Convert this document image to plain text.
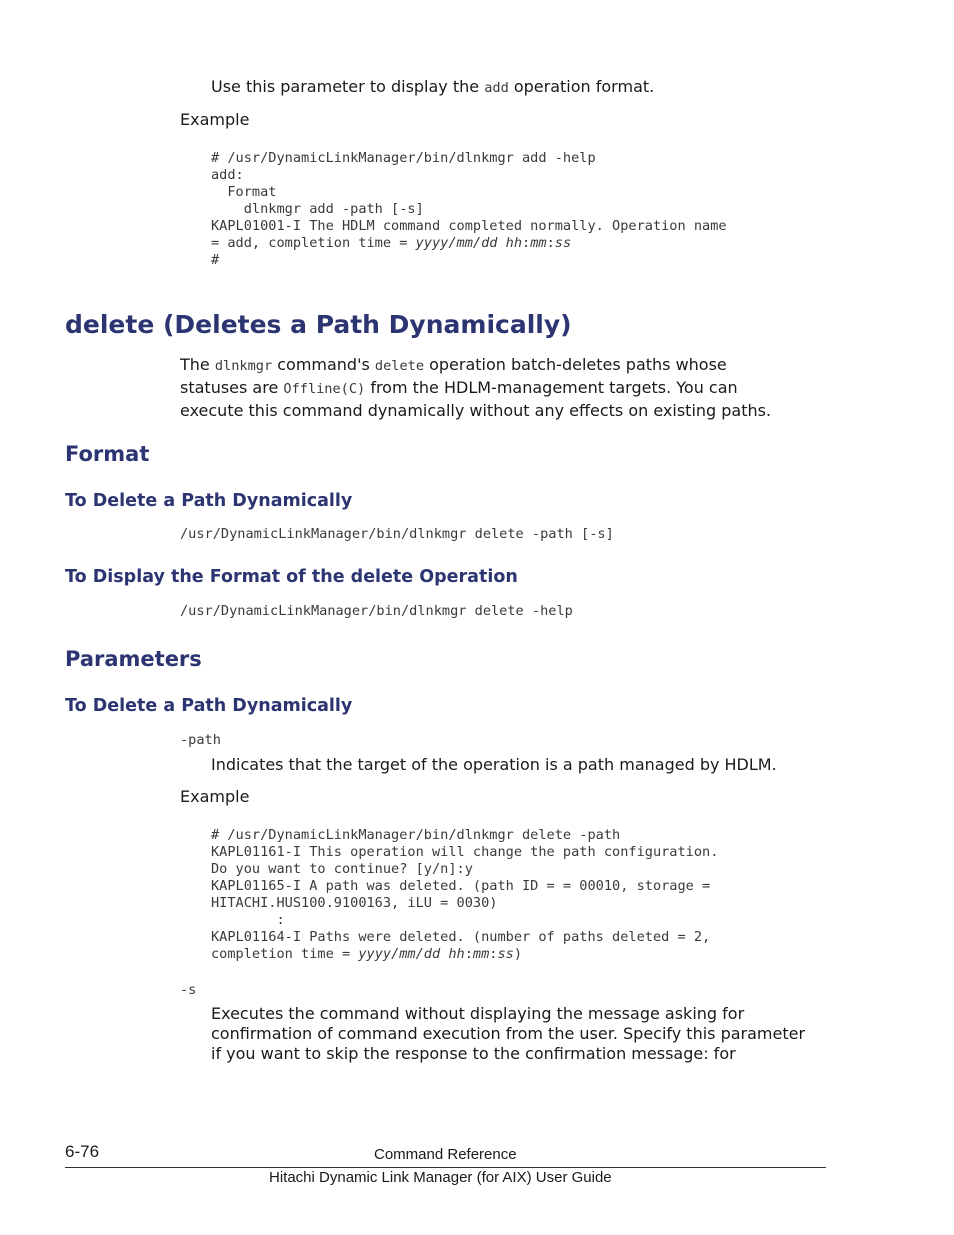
Use this parameter to display the add operation format.
Example
# /usr/DynamicLinkManager/bin/dlnkmgr add -help
add:
Format
dlnkmgr add -path [-s]
KAPL01001-I The HDLM command completed normally. Operation name
= add, completion time = yyyy/mm/dd hh:mm:ss
#
delete (Deletes a Path Dynamically)
The dlnkmgr command's delete operation batch-deletes paths whose
statuses are Offline(C) from the HDLM-management targets. You can
execute this command dynamically without any effects on existing paths.
Format
To Delete a Path Dynamically
/usr/DynamicLinkManager/bin/dlnkmgr delete -path [-s]
To Display the Format of the delete Operation
/usr/DynamicLinkManager/bin/dlnkmgr delete -help
Parameters
To Delete a Path Dynamically
-path
Indicates that the target of the operation is a path managed by HDLM.
Example
# /usr/DynamicLinkManager/bin/dlnkmgr delete -path
KAPL01161-I This operation will change the path configuration.
Do you want to continue? [y/n]:y
KAPL01165-I A path was deleted. (path ID = = 00010, storage =
HITACHI.HUS100.9100163, iLU = 0030)
:
KAPL01164-I Paths were deleted. (number of paths deleted = 2,
completion time = yyyy/mm/dd hh:mm:ss)
-s
Executes the command without displaying the message asking for
confirmation of command execution from the user. Specify this parameter
if you want to skip the response to the confirmation message: for
6-76	Command Reference
Hitachi Dynamic Link Manager (for AIX) User Guide
